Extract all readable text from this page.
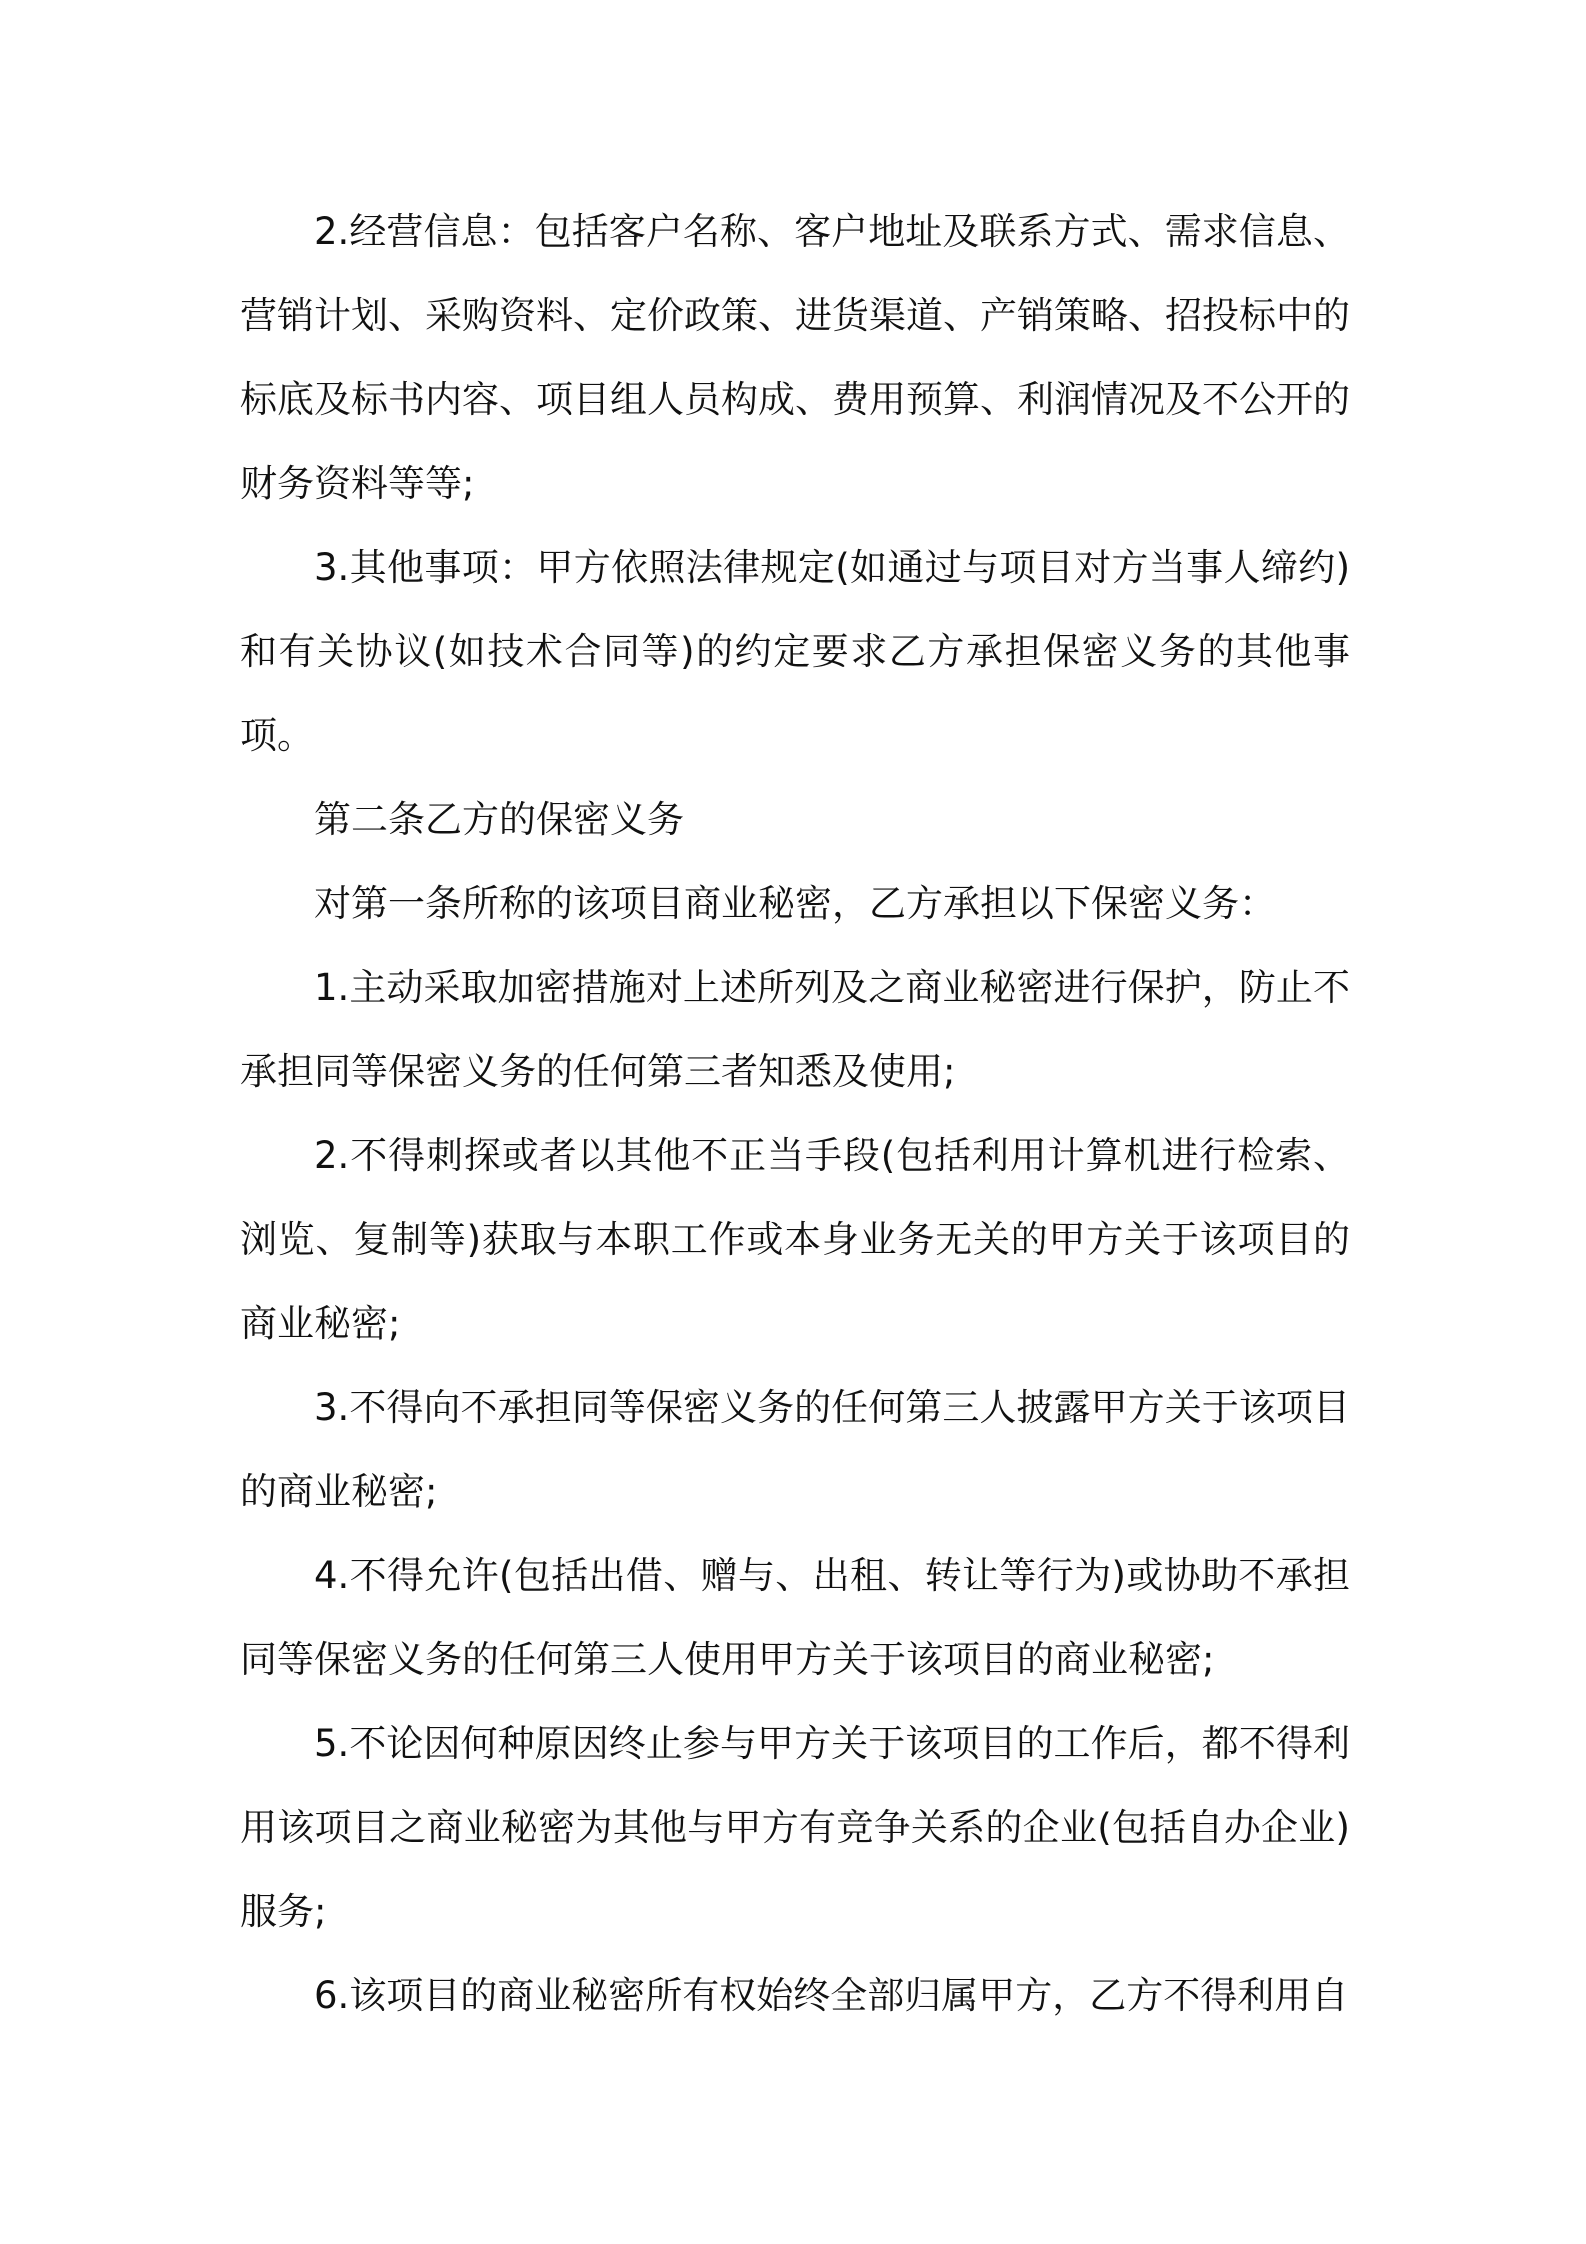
2.经营信息：包括客户名称、客户地址及联系方式、需求信息、营销计划、采购资料、定价政策、进货渠道、产销策略、招投标中的标底及标书内容、项目组人员构成、费用预算、利润情况及不公开的财务资料等等;

3.其他事项：甲方依照法律规定(如通过与项目对方当事人缔约)和有关协议(如技术合同等)的约定要求乙方承担保密义务的其他事项。

第二条乙方的保密义务

对第一条所称的该项目商业秘密，乙方承担以下保密义务：

1.主动采取加密措施对上述所列及之商业秘密进行保护，防止不承担同等保密义务的任何第三者知悉及使用;

2.不得刺探或者以其他不正当手段(包括利用计算机进行检索、浏览、复制等)获取与本职工作或本身业务无关的甲方关于该项目的商业秘密;

3.不得向不承担同等保密义务的任何第三人披露甲方关于该项目的商业秘密;

4.不得允许(包括出借、赠与、出租、转让等行为)或协助不承担同等保密义务的任何第三人使用甲方关于该项目的商业秘密;

5.不论因何种原因终止参与甲方关于该项目的工作后，都不得利用该项目之商业秘密为其他与甲方有竞争关系的企业(包括自办企业)服务;

6.该项目的商业秘密所有权始终全部归属甲方，乙方不得利用自
